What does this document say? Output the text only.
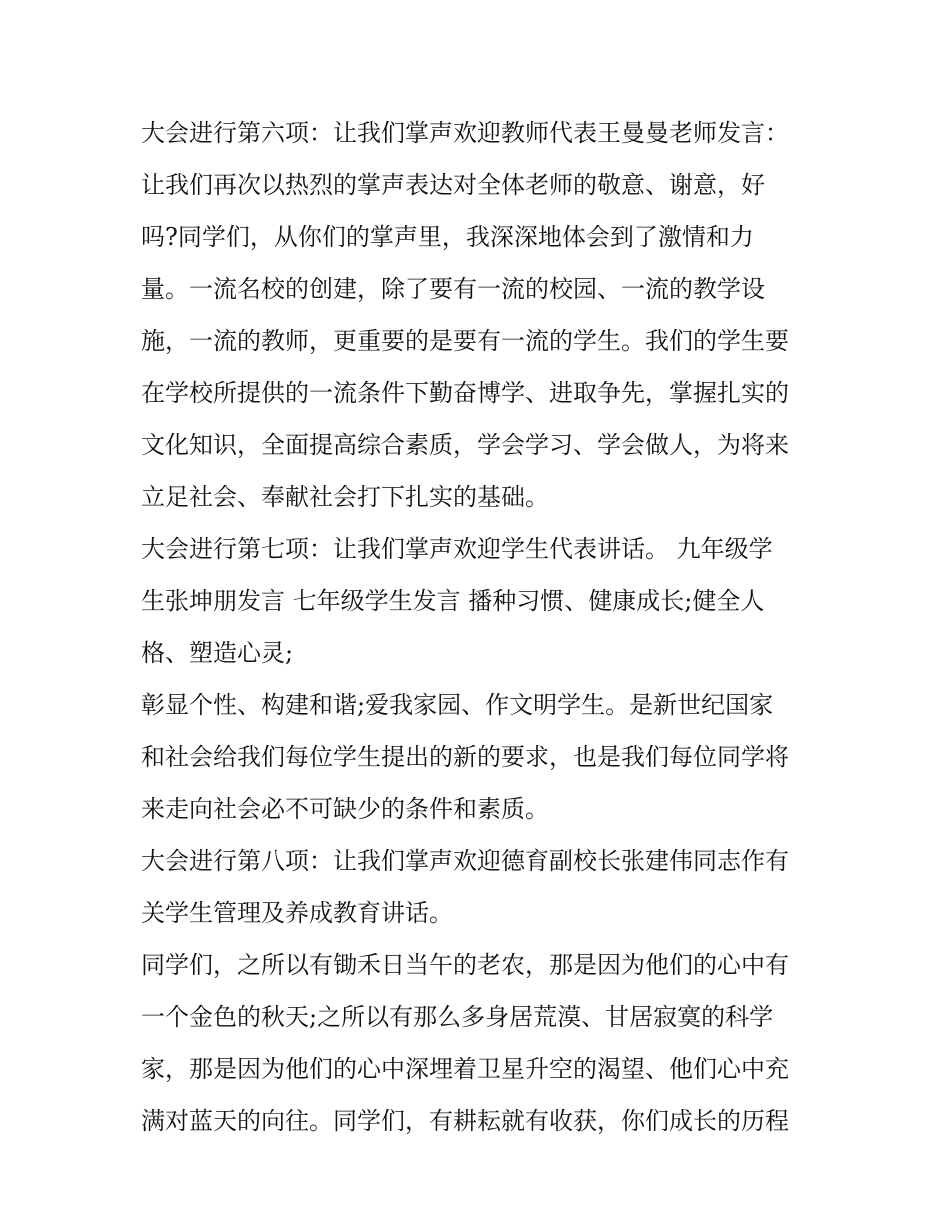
大会进行第六项：让我们掌声欢迎教师代表王曼曼老师发言：
让我们再次以热烈的掌声表达对全体老师的敬意、谢意，好
吗?同学们，从你们的掌声里，我深深地体会到了激情和力
量。一流名校的创建，除了要有一流的校园、一流的教学设
施，一流的教师，更重要的是要有一流的学生。我们的学生要
在学校所提供的一流条件下勤奋博学、进取争先，掌握扎实的
文化知识，全面提高综合素质，学会学习、学会做人，为将来
立足社会、奉献社会打下扎实的基础。
大会进行第七项：让我们掌声欢迎学生代表讲话。 九年级学
生张坤朋发言 七年级学生发言 播种习惯、健康成长;健全人
格、塑造心灵;
彰显个性、构建和谐;爱我家园、作文明学生。是新世纪国家
和社会给我们每位学生提出的新的要求，也是我们每位同学将
来走向社会必不可缺少的条件和素质。
大会进行第八项：让我们掌声欢迎德育副校长张建伟同志作有
关学生管理及养成教育讲话。
同学们，之所以有锄禾日当午的老农，那是因为他们的心中有
一个金色的秋天;之所以有那么多身居荒漠、甘居寂寞的科学
家，那是因为他们的心中深埋着卫星升空的渴望、他们心中充
满对蓝天的向往。同学们，有耕耘就有收获，你们成长的历程
